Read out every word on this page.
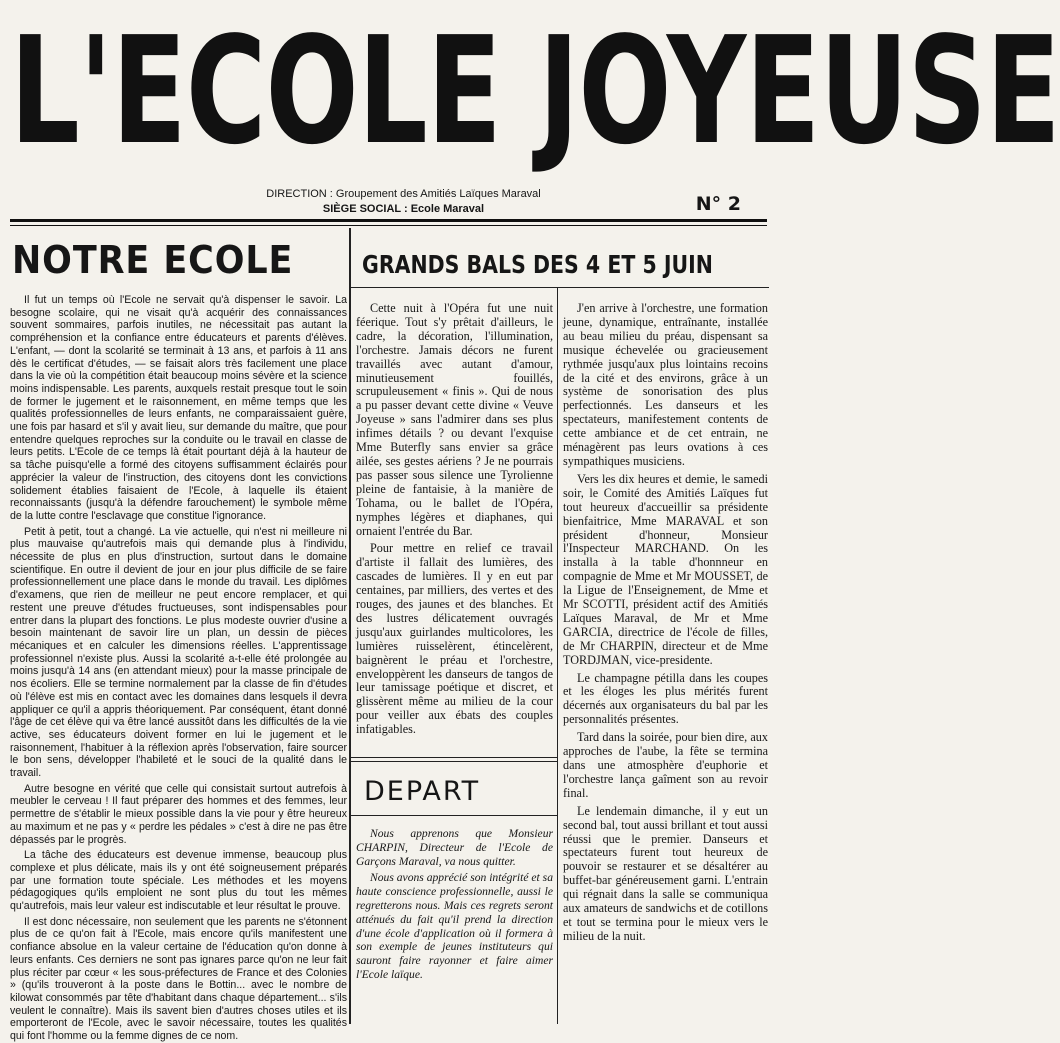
L'ECOLE JOYEUSE
DIRECTION : Groupement des Amitiés Laïques Maraval
SIÈGE SOCIAL : Ecole Maraval	N° 2
NOTRE ECOLE

Il fut un temps où l'Ecole ne servait qu'à dispenser le savoir. La besogne scolaire, qui ne visait qu'à acquérir des connaissances souvent sommaires, parfois inutiles, ne nécessitait pas autant la compréhension et la confiance entre éducateurs et parents d'élèves. L'enfant, — dont la scolarité se terminait à 13 ans, et parfois à 11 ans dès le certificat d'études, — se faisait alors très facilement une place dans la vie où la compétition était beaucoup moins sévère et la science moins indispensable. Les parents, auxquels restait presque tout le soin de former le jugement et le raisonnement, en même temps que les qualités professionnelles de leurs enfants, ne comparaissaient guère, une fois par hasard et s'il y avait lieu, sur demande du maître, que pour entendre quelques reproches sur la conduite ou le travail en classe de leurs petits. L'Ecole de ce temps là était pourtant déjà à la hauteur de sa tâche puisqu'elle a formé des citoyens suffisamment éclairés pour apprécier la valeur de l'instruction, des citoyens dont les convictions solidement établies faisaient de l'Ecole, à laquelle ils étaient reconnaissants (jusqu'à la défendre farouchement) le symbole même de la lutte contre l'esclavage que constitue l'ignorance.

Petit à petit, tout a changé. La vie actuelle, qui n'est ni meilleure ni plus mauvaise qu'autrefois mais qui demande plus à l'individu, nécessite de plus en plus d'instruction, surtout dans le domaine scientifique. En outre il devient de jour en jour plus difficile de se faire professionnellement une place dans le monde du travail. Les diplômes d'examens, que rien de meilleur ne peut encore remplacer, et qui restent une preuve d'études fructueuses, sont indispensables pour entrer dans la plupart des fonctions. Le plus modeste ouvrier d'usine a besoin maintenant de savoir lire un plan, un dessin de pièces mécaniques et en calculer les dimensions réelles. L'apprentissage professionnel n'existe plus. Aussi la scolarité a-t-elle été prolongée au moins jusqu'à 14 ans (en attendant mieux) pour la masse principale de nos écoliers. Elle se termine normalement par la classe de fin d'études où l'élève est mis en contact avec les domaines dans lesquels il devra appliquer ce qu'il a appris théoriquement. Par conséquent, étant donné l'âge de cet élève qui va être lancé aussitôt dans les difficultés de la vie active, ses éducateurs doivent former en lui le jugement et le raisonnement, l'habituer à la réflexion après l'observation, faire sourcer le bon sens, développer l'habileté et le souci de la qualité dans le travail.

Autre besogne en vérité que celle qui consistait surtout autrefois à meubler le cerveau ! Il faut préparer des hommes et des femmes, leur permettre de s'établir le mieux possible dans la vie pour y être heureux au maximum et ne pas y « perdre les pédales » c'est à dire ne pas être dépassés par le progrès.

La tâche des éducateurs est devenue immense, beaucoup plus complexe et plus délicate, mais ils y ont été soigneusement préparés par une formation toute spéciale. Les méthodes et les moyens pédagogiques qu'ils emploient ne sont plus du tout les mêmes qu'autrefois, mais leur valeur est indiscutable et leur résultat le prouve.

Il est donc nécessaire, non seulement que les parents ne s'étonnent plus de ce qu'on fait à l'Ecole, mais encore qu'ils manifestent une confiance absolue en la valeur certaine de l'éducation qu'on donne à leurs enfants. Ces derniers ne sont pas ignares parce qu'on ne leur fait plus réciter par cœur « les sous-préfectures de France et des Colonies » (qu'ils trouveront à la poste dans le Bottin... avec le nombre de kilowat consommés par tête d'habitant dans chaque département... s'ils veulent le connaître). Mais ils savent bien d'autres choses utiles et ils emporteront de l'Ecole, avec le savoir nécessaire, toutes les qualités qui font l'homme ou la femme dignes de ce nom.

GRANDS BALS DES 4 ET 5 JUIN

Cette nuit à l'Opéra fut une nuit féerique. Tout s'y prêtait d'ailleurs, le cadre, la décoration, l'illumination, l'orchestre. Jamais décors ne furent travaillés avec autant d'amour, minutieusement fouillés, scrupuleusement « finis ». Qui de nous a pu passer devant cette divine « Veuve Joyeuse » sans l'admirer dans ses plus infimes détails ? ou devant l'exquise Mme Buterfly sans envier sa grâce ailée, ses gestes aériens ? Je ne pourrais pas passer sous silence une Tyrolienne pleine de fantaisie, à la manière de Tohama, ou le ballet de l'Opéra, nymphes légères et diaphanes, qui ornaient l'entrée du Bar.

Pour mettre en relief ce travail d'artiste il fallait des lumières, des cascades de lumières. Il y en eut par centaines, par milliers, des vertes et des rouges, des jaunes et des blanches. Et des lustres délicatement ouvragés jusqu'aux guirlandes multicolores, les lumières ruisselèrent, étincelèrent, baignèrent le préau et l'orchestre, enveloppèrent les danseurs de tangos de leur tamissage poétique et discret, et glissèrent même au milieu de la cour pour veiller aux ébats des couples infatigables.

J'en arrive à l'orchestre, une formation jeune, dynamique, entraînante, installée au beau milieu du préau, dispensant sa musique échevelée ou gracieusement rythmée jusqu'aux plus lointains recoins de la cité et des environs, grâce à un système de sonorisation des plus perfectionnés. Les danseurs et les spectateurs, manifestement contents de cette ambiance et de cet entrain, ne ménagèrent pas leurs ovations à ces sympathiques musiciens.

Vers les dix heures et demie, le samedi soir, le Comité des Amitiés Laïques fut tout heureux d'accueillir sa présidente bienfaitrice, Mme MARAVAL et son président d'honneur, Monsieur l'Inspecteur MARCHAND. On les installa à la table d'honnneur en compagnie de Mme et Mr MOUSSET, de la Ligue de l'Enseignement, de Mme et Mr SCOTTI, président actif des Amitiés Laïques Maraval, de Mr et Mme GARCIA, directrice de l'école de filles, de Mr CHARPIN, directeur et de Mme TORDJMAN, vice-presidente.

Le champagne pétilla dans les coupes et les éloges les plus mérités furent décernés aux organisateurs du bal par les personnalités présentes.

Tard dans la soirée, pour bien dire, aux approches de l'aube, la fête se termina dans une atmosphère d'euphorie et l'orchestre lança gaîment son au revoir final.

Le lendemain dimanche, il y eut un second bal, tout aussi brillant et tout aussi réussi que le premier. Danseurs et spectateurs furent tout heureux de pouvoir se restaurer et se désaltérer au buffet-bar généreusement garni. L'entrain qui régnait dans la salle se communiqua aux amateurs de sandwichs et de cotillons et tout se termina pour le mieux vers le milieu de la nuit.

DEPART

Nous apprenons que Monsieur CHARPIN, Directeur de l'Ecole de Garçons Maraval, va nous quitter.

Nous avons apprécié son intégrité et sa haute conscience professionnelle, aussi le regretterons nous. Mais ces regrets seront atténués du fait qu'il prend la direction d'une école d'application où il formera à son exemple de jeunes instituteurs qui sauront faire rayonner et faire aimer l'Ecole laïque.
